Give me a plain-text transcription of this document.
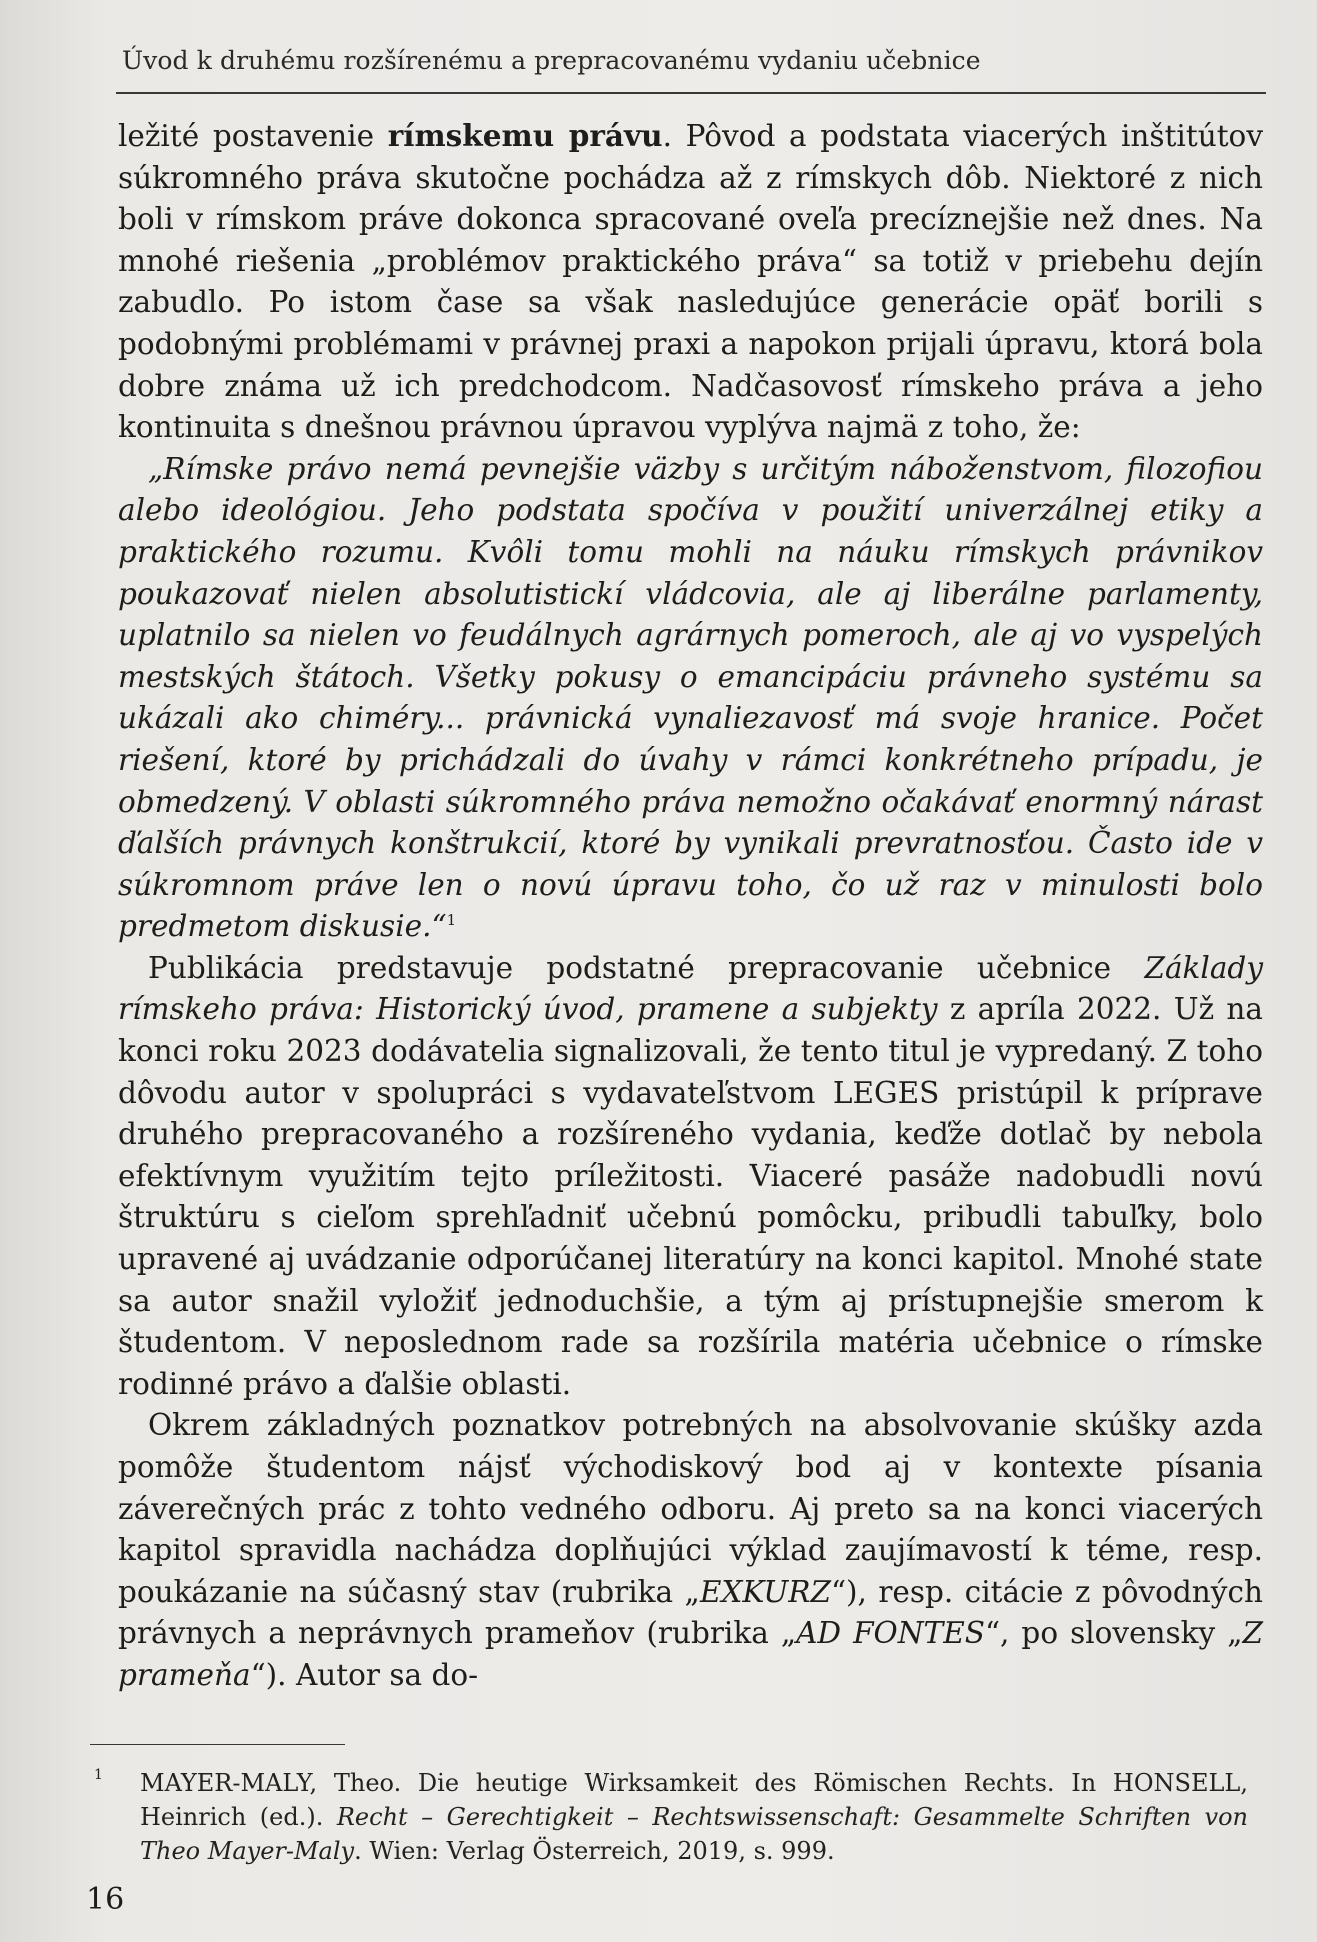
Úvod k druhému rozšírenému a prepracovanému vydaniu učebnice

ležité postavenie rímskemu právu. Pôvod a podstata viacerých inštitútov súkromného práva skutočne pochádza až z rímskych dôb. Niektoré z nich boli v rímskom práve dokonca spracované oveľa precíznejšie než dnes. Na mnohé riešenia „problémov praktického práva“ sa totiž v priebehu dejín zabudlo. Po istom čase sa však nasledujúce generácie opäť borili s podobnými problémami v právnej praxi a napokon prijali úpravu, ktorá bola dobre známa už ich predchodcom. Nadčasovosť rímskeho práva a jeho kontinuita s dnešnou právnou úpravou vyplýva najmä z toho, že:

„Rímske právo nemá pevnejšie väzby s určitým náboženstvom, filozofiou alebo ideológiou. Jeho podstata spočíva v použití univerzálnej etiky a praktického rozumu. Kvôli tomu mohli na náuku rímskych právnikov poukazovať nielen absolutistickí vládcovia, ale aj liberálne parlamenty, uplatnilo sa nielen vo feudálnych agrárnych pomeroch, ale aj vo vyspelých mestských štátoch. Všetky pokusy o emancipáciu právneho systému sa ukázali ako chiméry... právnická vynaliezavosť má svoje hranice. Počet riešení, ktoré by prichádzali do úvahy v rámci konkrétneho prípadu, je obmedzený. V oblasti súkromného práva nemožno očakávať enormný nárast ďalších právnych konštrukcií, ktoré by vynikali prevratnosťou. Často ide v súkromnom práve len o novú úpravu toho, čo už raz v minulosti bolo predmetom diskusie.“$^1$

Publikácia predstavuje podstatné prepracovanie učebnice Základy rímskeho práva: Historický úvod, pramene a subjekty z apríla 2022. Už na konci roku 2023 dodávatelia signalizovali, že tento titul je vypredaný. Z toho dôvodu autor v spolupráci s vydavateľstvom LEGES pristúpil k príprave druhého prepracovaného a rozšíreného vydania, keďže dotlač by nebola efektívnym využitím tejto príležitosti. Viaceré pasáže nadobudli novú štruktúru s cieľom sprehľadniť učebnú pomôcku, pribudli tabuľky, bolo upravené aj uvádzanie odporúčanej literatúry na konci kapitol. Mnohé state sa autor snažil vyložiť jednoduchšie, a tým aj prístupnejšie smerom k študentom. V neposlednom rade sa rozšírila matéria učebnice o rímske rodinné právo a ďalšie oblasti.

Okrem základných poznatkov potrebných na absolvovanie skúšky azda pomôže študentom nájsť východiskový bod aj v kontexte písania záverečných prác z tohto vedného odboru. Aj preto sa na konci viacerých kapitol spravidla nachádza doplňujúci výklad zaujímavostí k téme, resp. poukázanie na súčasný stav (rubrika „EXKURZ“), resp. citácie z pôvodných právnych a neprávnych prameňov (rubrika „AD FONTES“, po slovensky „Z prameňa“). Autor sa do-

1	MAYER-MALY, Theo. Die heutige Wirksamkeit des Römischen Rechts. In HONSELL, Heinrich (ed.). Recht – Gerechtigkeit – Rechtswissenschaft: Gesammelte Schriften von Theo Mayer-Maly. Wien: Verlag Österreich, 2019, s. 999.
16
